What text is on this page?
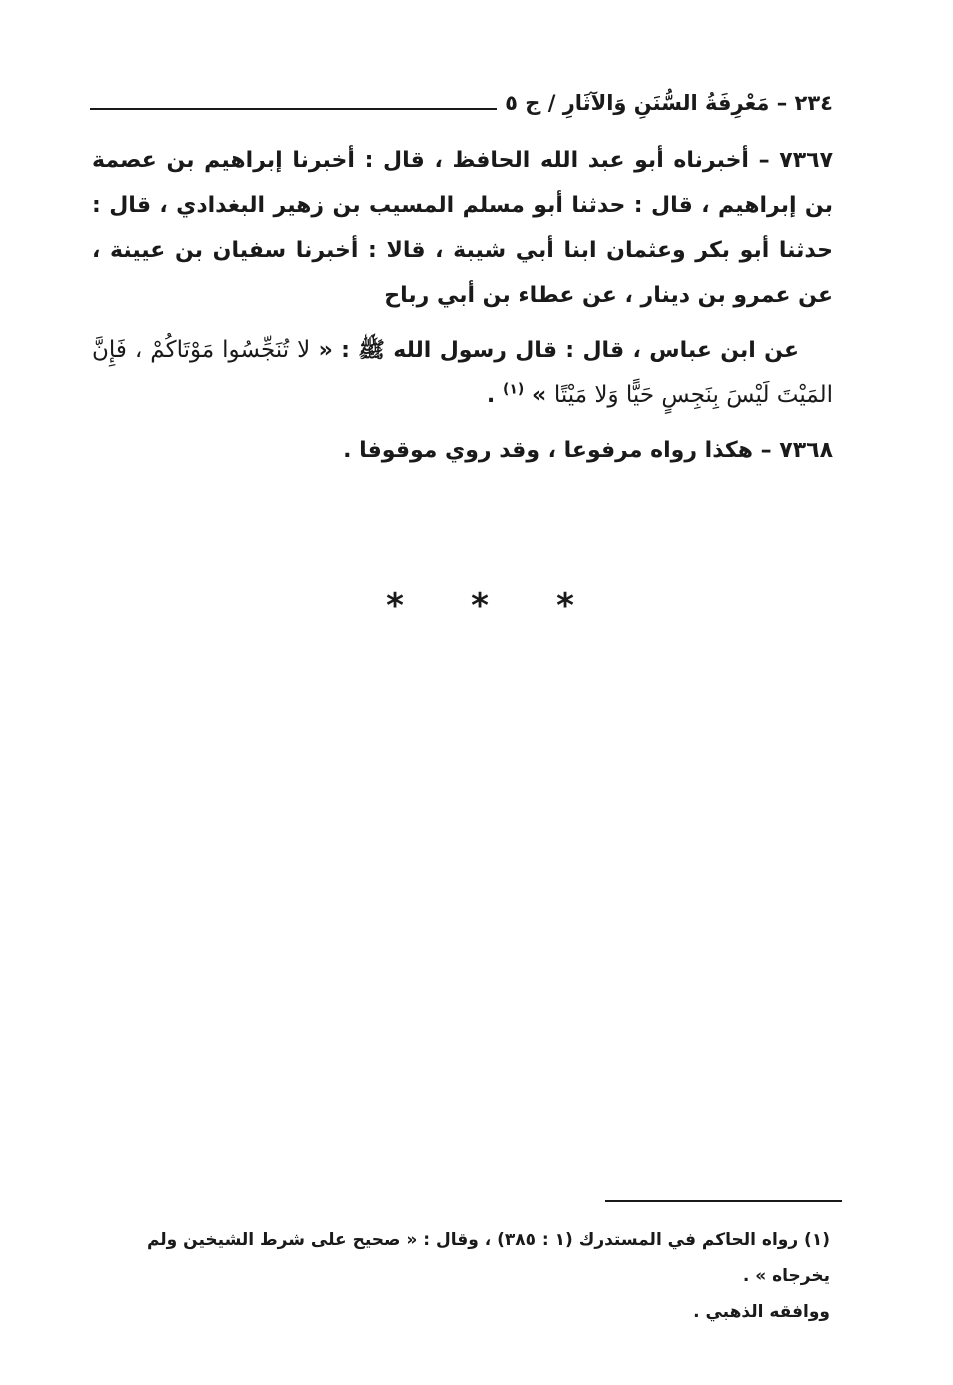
٢٣٤ – مَعْرِفَةُ السُّنَنِ وَالآثَارِ / ج ٥

٧٣٦٧ – أخبرناه أبو عبد الله الحافظ ، قال : أخبرنا إبراهيم بن عصمة بن إبراهيم ، قال : حدثنا أبو مسلم المسيب بن زهير البغدادي ، قال : حدثنا أبو بكر وعثمان ابنا أبي شيبة ، قالا : أخبرنا سفيان بن عيينة ، عن عمرو بن دينار ، عن عطاء بن أبي رباح

عن ابن عباس ، قال : قال رسول الله ﷺ : « لا تُنَجِّسُوا مَوْتَاكُمْ ، فَإِنَّ المَيْتَ لَيْسَ بِنَجِسٍ حَيًّا وَلا مَيْتًا » $^{(١)}$ .

٧٣٦٨ – هكذا رواه مرفوعا ، وقد روي موقوفا .

*
*
*

(١) رواه الحاكم في المستدرك (١ : ٣٨٥) ، وقال : « صحيح على شرط الشيخين ولم يخرجاه » .

ووافقه الذهبي .
